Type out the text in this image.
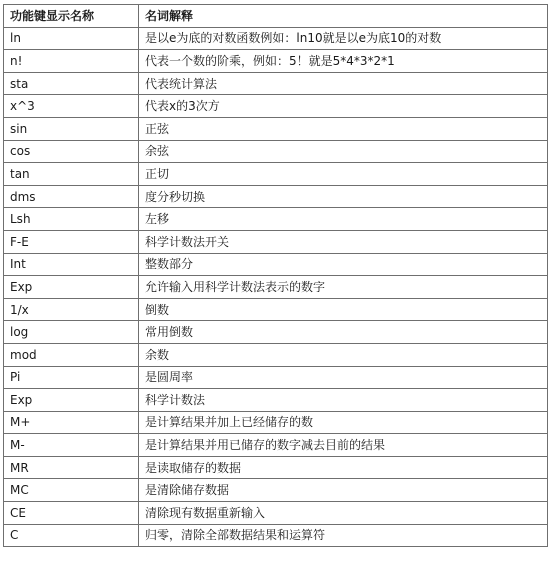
功能键显示名称	名词解释
ln	是以e为底的对数函数例如：ln10就是以e为底10的对数
n!	代表一个数的阶乘，例如：5！就是5*4*3*2*1
sta	代表统计算法
x^3	代表x的3次方
sin	正弦
cos	余弦
tan	正切
dms	度分秒切换
Lsh	左移
F-E	科学计数法开关
Int	整数部分
Exp	允许输入用科学计数法表示的数字
1/x	倒数
log	常用倒数
mod	余数
Pi	是圆周率
Exp	科学计数法
M+	是计算结果并加上已经储存的数
M-	是计算结果并用已储存的数字减去目前的结果
MR	是读取储存的数据
MC	是清除储存数据
CE	清除现有数据重新输入
C	归零，清除全部数据结果和运算符
